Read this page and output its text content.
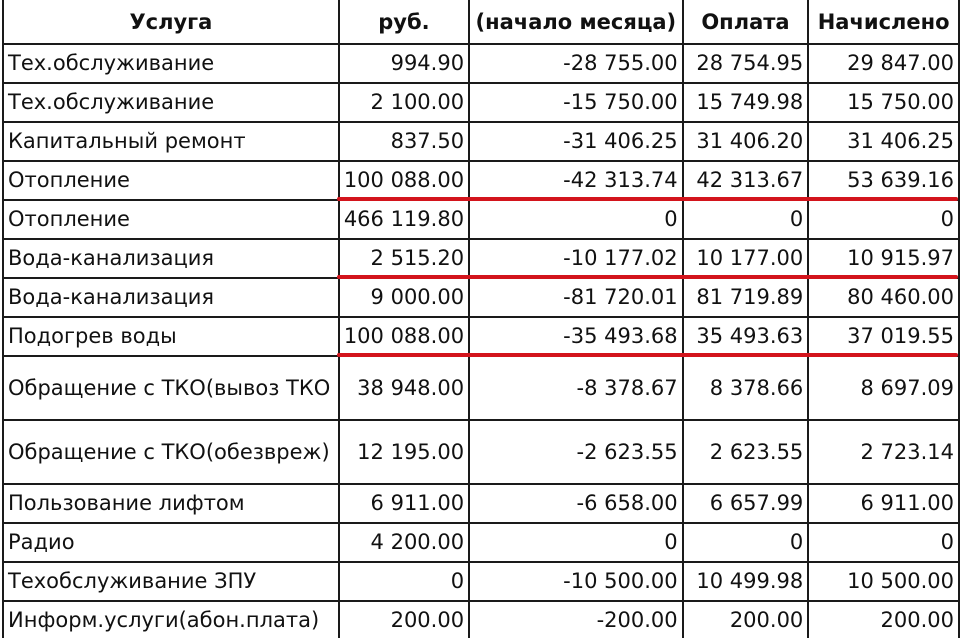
Услуга	руб.	(начало месяца)	Оплата	Начислено
Тех.обслуживание	994.90	-28 755.00	28 754.95	29 847.00
Тех.обслуживание	2 100.00	-15 750.00	15 749.98	15 750.00
Капитальный ремонт	837.50	-31 406.25	31 406.20	31 406.25
Отопление	100 088.00	-42 313.74	42 313.67	53 639.16
Отопление	466 119.80	0	0	0
Вода-канализация	2 515.20	-10 177.02	10 177.00	10 915.97
Вода-канализация	9 000.00	-81 720.01	81 719.89	80 460.00
Подогрев воды	100 088.00	-35 493.68	35 493.63	37 019.55
Обращение с ТКО(вывоз ТКО	38 948.00	-8 378.67	8 378.66	8 697.09
Обращение с ТКО(обезвреж)	12 195.00	-2 623.55	2 623.55	2 723.14
Пользование лифтом	6 911.00	-6 658.00	6 657.99	6 911.00
Радио	4 200.00	0	0	0
Техобслуживание ЗПУ	0	-10 500.00	10 499.98	10 500.00
Информ.услуги(абон.плата)	200.00	-200.00	200.00	200.00
